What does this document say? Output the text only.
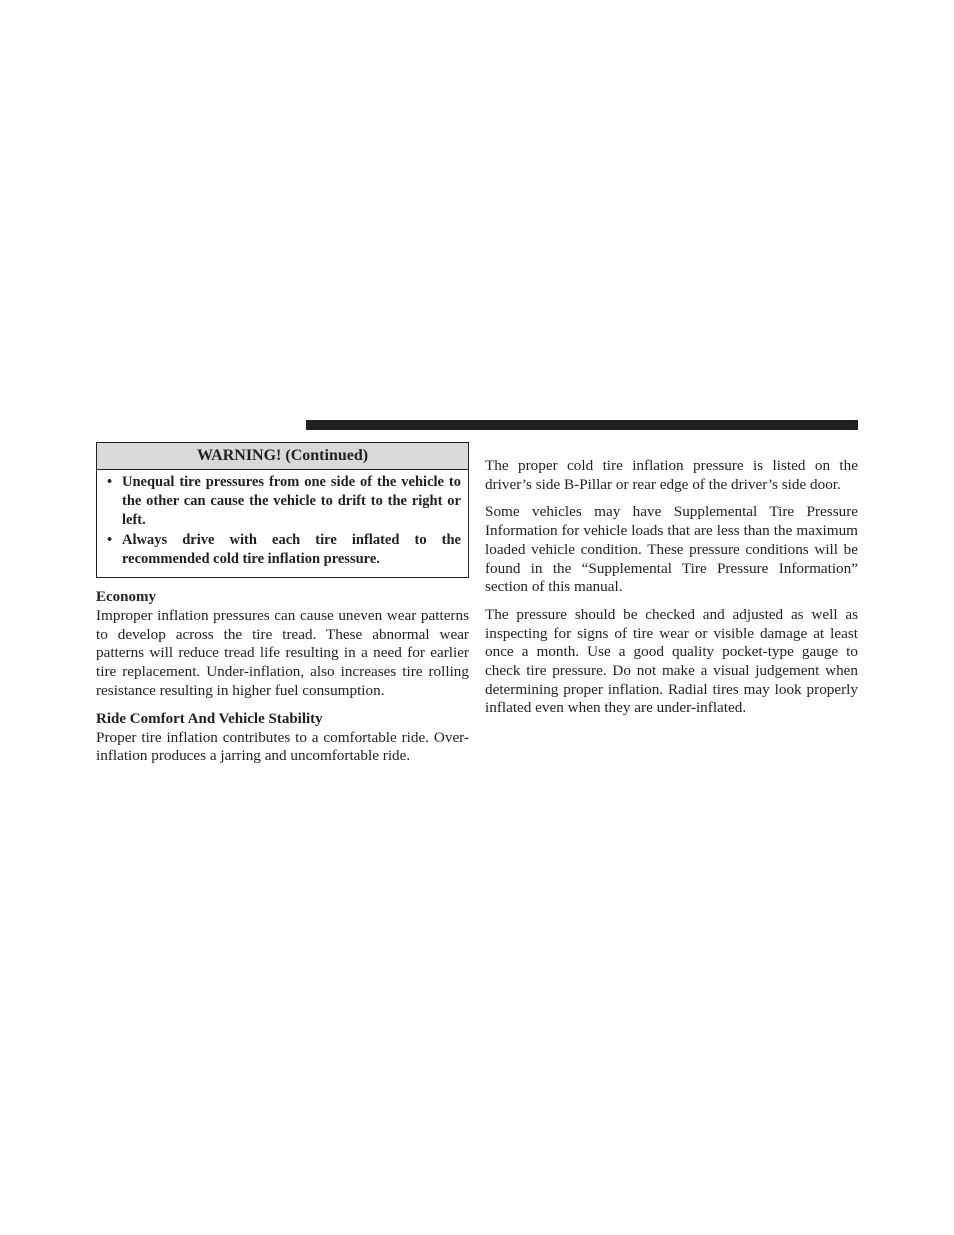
WARNING! (Continued)
• Unequal tire pressures from one side of the vehicle to the other can cause the vehicle to drift to the right or left.
• Always drive with each tire inflated to the recommended cold tire inflation pressure.
Economy

Improper inflation pressures can cause uneven wear patterns to develop across the tire tread. These abnormal wear patterns will reduce tread life resulting in a need for earlier tire replacement. Under-inflation, also increases tire rolling resistance resulting in higher fuel consumption.

Ride Comfort And Vehicle Stability

Proper tire inflation contributes to a comfortable ride. Over-inflation produces a jarring and uncomfortable ride.

The proper cold tire inflation pressure is listed on the driver’s side B-Pillar or rear edge of the driver’s side door.

Some vehicles may have Supplemental Tire Pressure Information for vehicle loads that are less than the maximum loaded vehicle condition. These pressure conditions will be found in the “Supplemental Tire Pressure Information” section of this manual.

The pressure should be checked and adjusted as well as inspecting for signs of tire wear or visible damage at least once a month. Use a good quality pocket-type gauge to check tire pressure. Do not make a visual judgement when determining proper inflation. Radial tires may look properly inflated even when they are under-inflated.
